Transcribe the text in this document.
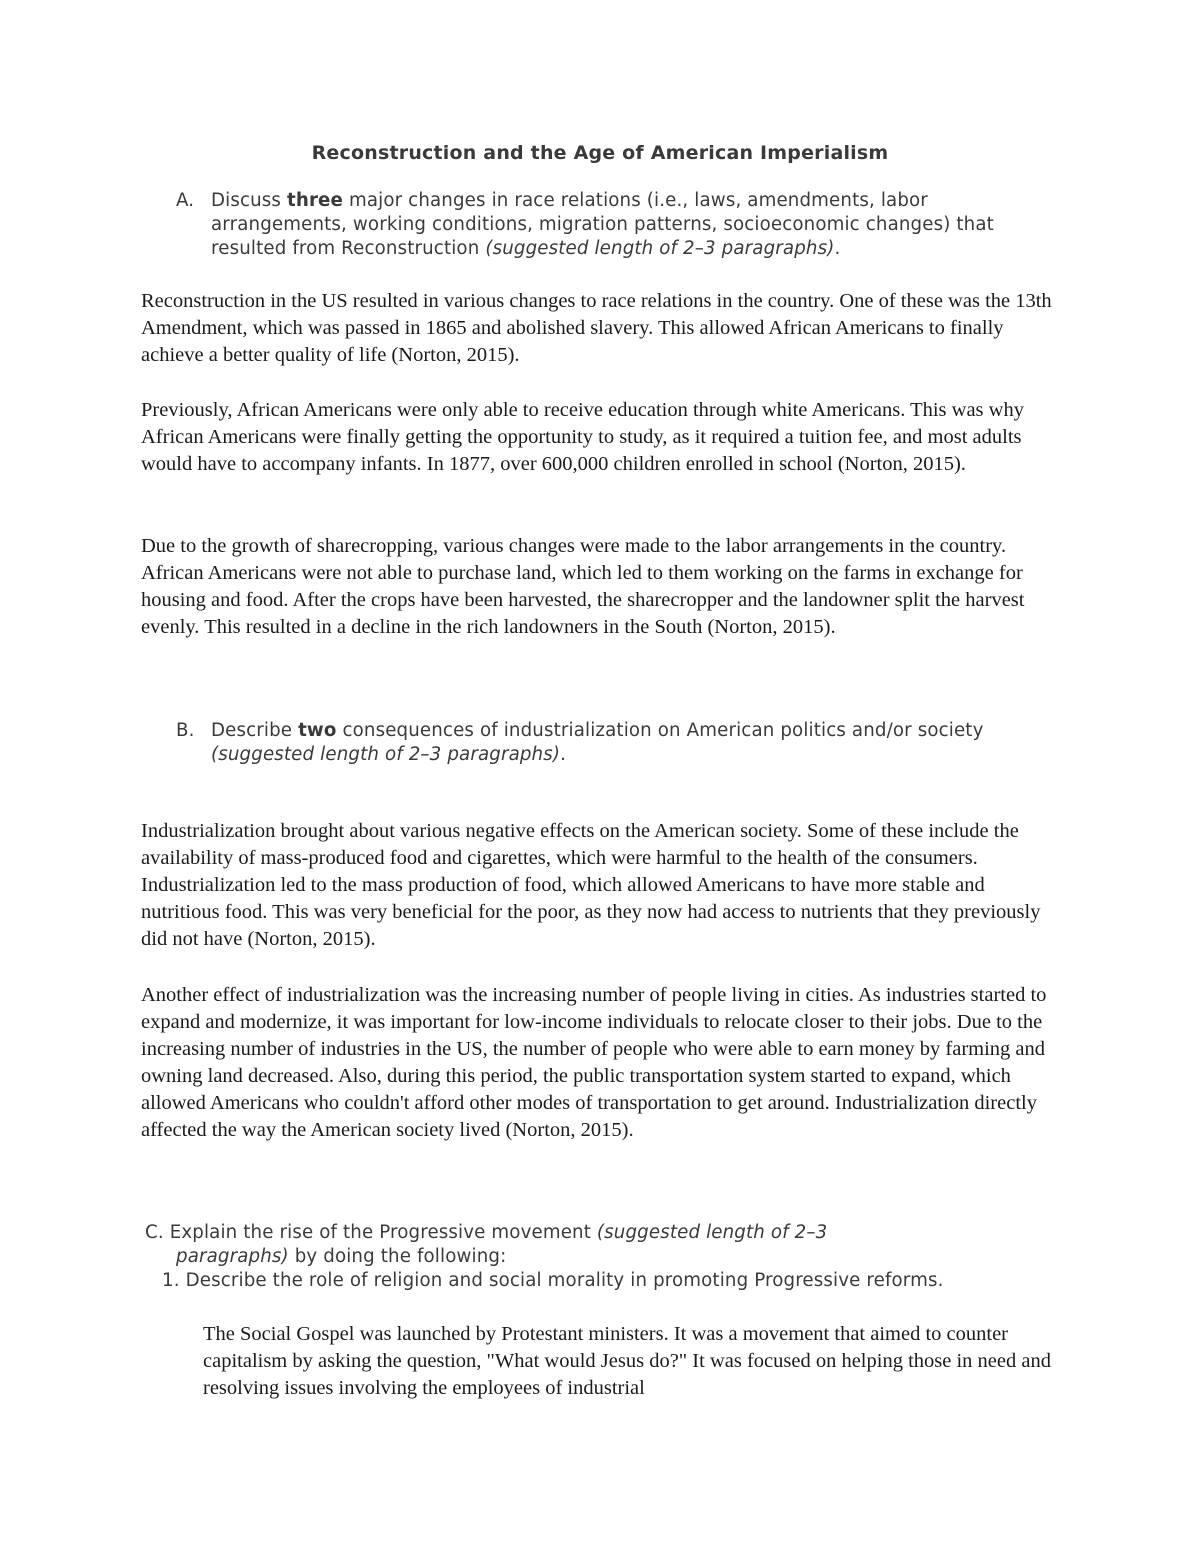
Reconstruction and the Age of American Imperialism
A. Discuss three major changes in race relations (i.e., laws, amendments, labor arrangements, working conditions, migration patterns, socioeconomic changes) that resulted from Reconstruction (suggested length of 2–3 paragraphs).

Reconstruction in the US resulted in various changes to race relations in the country. One of these was the 13th Amendment, which was passed in 1865 and abolished slavery. This allowed African Americans to finally achieve a better quality of life (Norton, 2015).

Previously, African Americans were only able to receive education through white Americans. This was why African Americans were finally getting the opportunity to study, as it required a tuition fee, and most adults would have to accompany infants. In 1877, over 600,000 children enrolled in school (Norton, 2015).

Due to the growth of sharecropping, various changes were made to the labor arrangements in the country. African Americans were not able to purchase land, which led to them working on the farms in exchange for housing and food. After the crops have been harvested, the sharecropper and the landowner split the harvest evenly. This resulted in a decline in the rich landowners in the South (Norton, 2015).

B. Describe two consequences of industrialization on American politics and/or society (suggested length of 2–3 paragraphs).

Industrialization brought about various negative effects on the American society. Some of these include the availability of mass-produced food and cigarettes, which were harmful to the health of the consumers. Industrialization led to the mass production of food, which allowed Americans to have more stable and nutritious food. This was very beneficial for the poor, as they now had access to nutrients that they previously did not have (Norton, 2015).

Another effect of industrialization was the increasing number of people living in cities. As industries started to expand and modernize, it was important for low-income individuals to relocate closer to their jobs. Due to the increasing number of industries in the US, the number of people who were able to earn money by farming and owning land decreased. Also, during this period, the public transportation system started to expand, which allowed Americans who couldn't afford other modes of transportation to get around. Industrialization directly affected the way the American society lived (Norton, 2015).

C. Explain the rise of the Progressive movement (suggested length of 2–3
paragraphs) by doing the following:
1. Describe the role of religion and social morality in promoting Progressive reforms.

The Social Gospel was launched by Protestant ministers. It was a movement that aimed to counter capitalism by asking the question, "What would Jesus do?" It was focused on helping those in need and resolving issues involving the employees of industrial
